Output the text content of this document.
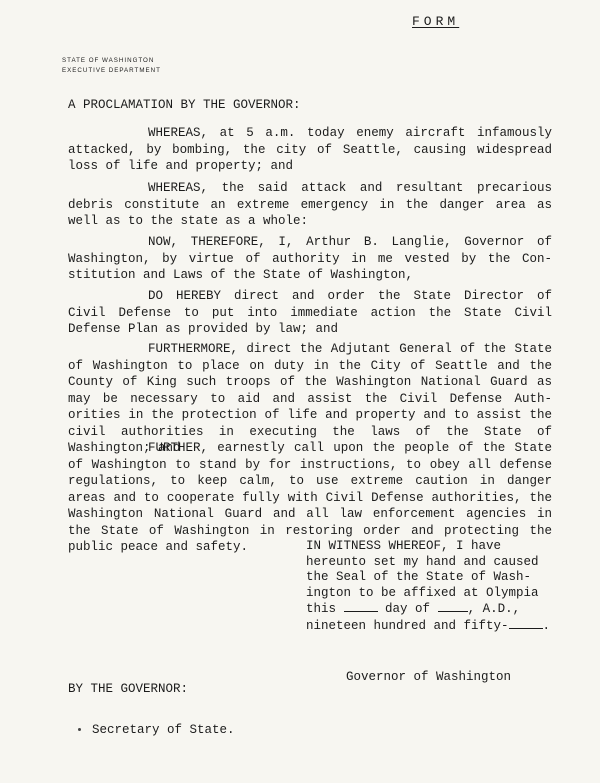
FORM
STATE OF WASHINGTON
EXECUTIVE DEPARTMENT
A PROCLAMATION BY THE GOVERNOR:

WHEREAS, at 5 a.m. today enemy aircraft infamously attacked, by bombing, the city of Seattle, causing widespread loss of life and property; and

WHEREAS, the said attack and resultant precarious debris constitute an extreme emergency in the danger area as well as to the state as a whole:

NOW, THEREFORE, I, Arthur B. Langlie, Governor of Washington, by virtue of authority in me vested by the Con-stitution and Laws of the State of Washington,

DO HEREBY direct and order the State Director of Civil Defense to put into immediate action the State Civil Defense Plan as provided by law; and

FURTHERMORE, direct the Adjutant General of the State of Washington to place on duty in the City of Seattle and the County of King such troops of the Washington National Guard as may be necessary to aid and assist the Civil Defense Auth-orities in the protection of life and property and to assist the civil authorities in executing the laws of the State of Washington; and

FURTHER, earnestly call upon the people of the State of Washington to stand by for instructions, to obey all defense regulations, to keep calm, to use extreme caution in danger areas and to cooperate fully with Civil Defense authorities, the Washington National Guard and all law enforcement agencies in the State of Washington in restoring order and protecting the public peace and safety.	IN WITNESS WHEREOF, I have
hereunto set my hand and caused
the Seal of the State of Wash-
ington to be affixed at Olympia
this	day of	, A.D.,
nineteen hundred and fifty-	.
Governor of Washington
BY THE GOVERNOR:
Secretary of State.
